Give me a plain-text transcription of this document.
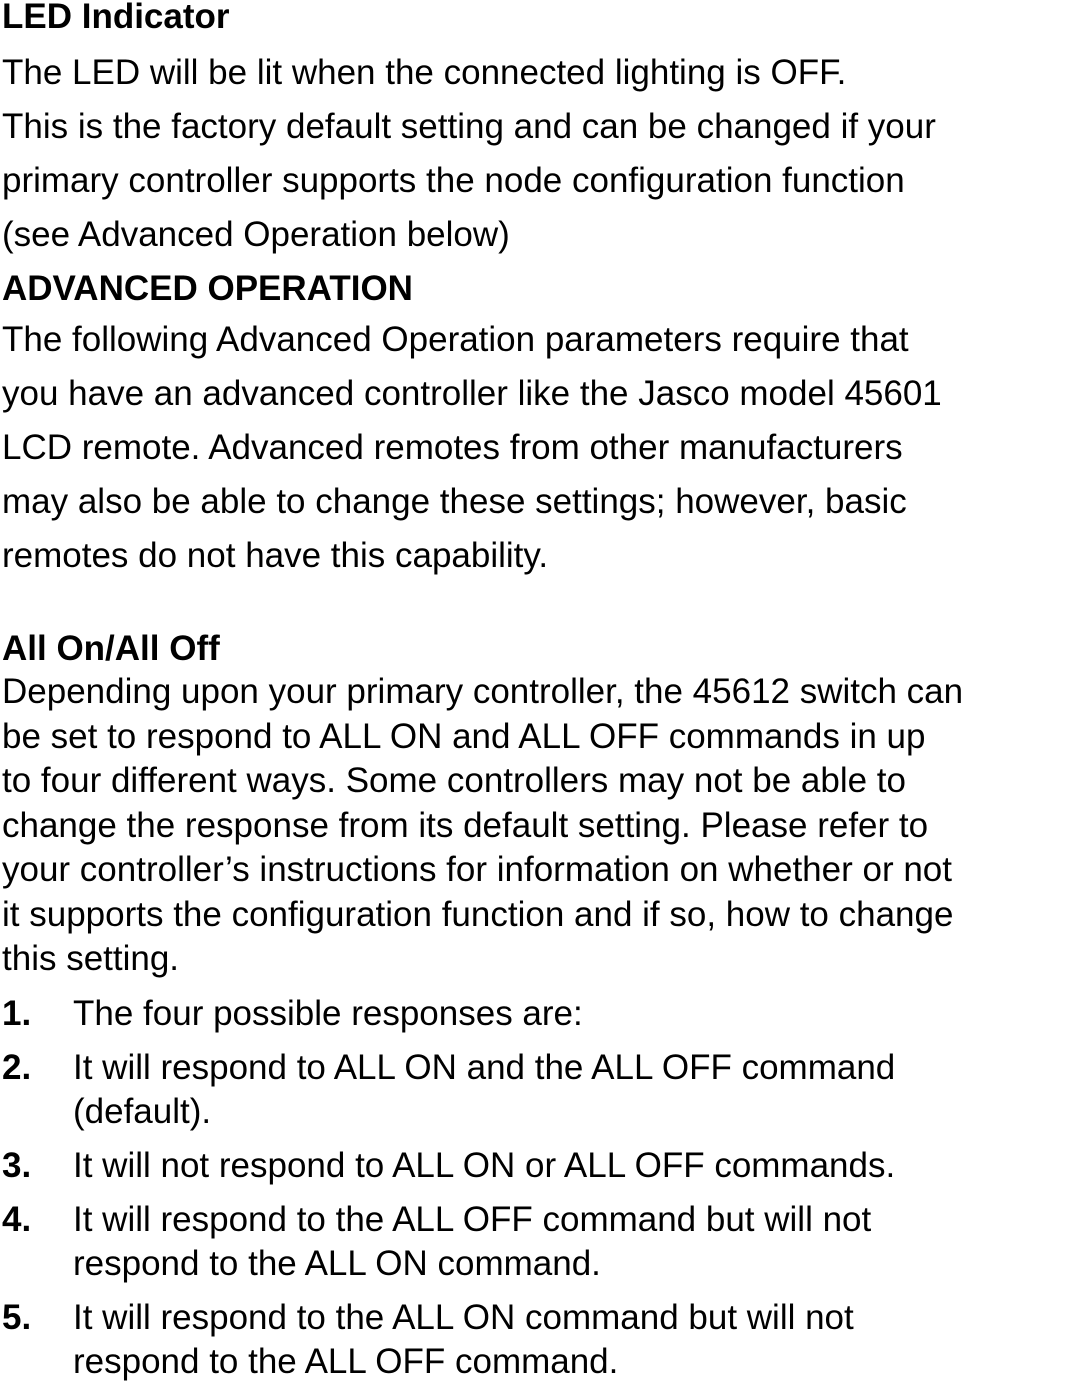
LED Indicator

The LED will be lit when the connected lighting is OFF.
This is the factory default setting and can be changed if your
primary controller supports the node configuration function
(see Advanced Operation below)

ADVANCED OPERATION

The following Advanced Operation parameters require that
you have an advanced controller like the Jasco model 45601
LCD remote. Advanced remotes from other manufacturers
may also be able to change these settings; however, basic
remotes do not have this capability.

All On/All Off

Depending upon your primary controller, the 45612 switch can
be set to respond to ALL ON and ALL OFF commands in up
to four different ways. Some controllers may not be able to
change the response from its default setting. Please refer to
your controller’s instructions for information on whether or not
it supports the configuration function and if so, how to change
this setting.

1. The four possible responses are:
2. It will respond to ALL ON and the ALL OFF command
(default).
3. It will not respond to ALL ON or ALL OFF commands.
4. It will respond to the ALL OFF command but will not
respond to the ALL ON command.
5. It will respond to the ALL ON command but will not
respond to the ALL OFF command.
